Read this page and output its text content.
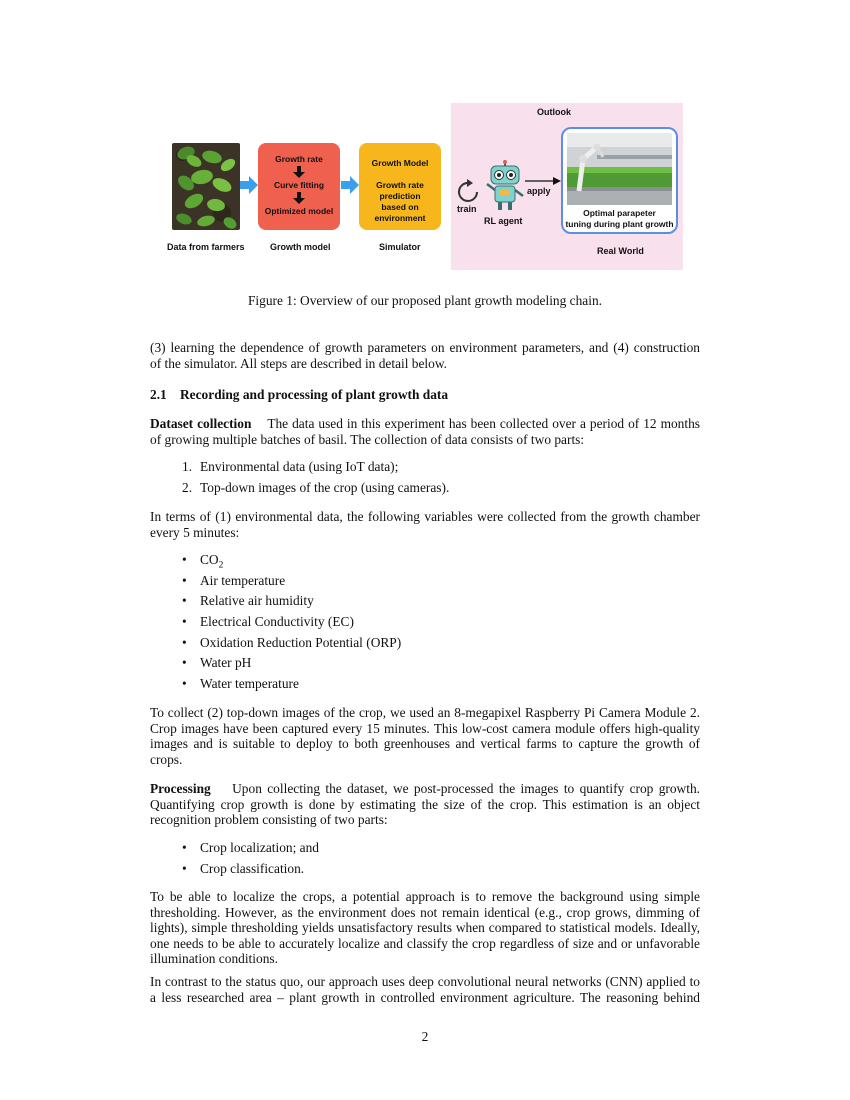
Outlook
Growth rate
Curve fitting
Optimized model
Growth Model
Growth rate
prediction
based on
environment
train
RL agent
apply
Optimal parapeter
tuning during plant growth
Data from farmers	Growth model	Simulator	Real World
Figure 1: Overview of our proposed plant growth modeling chain.
(3) learning the dependence of growth parameters on environment parameters, and (4) construction
of the simulator. All steps are described in detail below.
2.1 Recording and processing of plant growth data
Dataset collection The data used in this experiment has been collected over a period of 12 months
of growing multiple batches of basil. The collection of data consists of two parts:
1. Environmental data (using IoT data);
2. Top-down images of the crop (using cameras).
In terms of (1) environmental data, the following variables were collected from the growth chamber
every 5 minutes:
• $CO_2$
• Air temperature
• Relative air humidity
• Electrical Conductivity (EC)
• Oxidation Reduction Potential (ORP)
• Water pH
• Water temperature
To collect (2) top-down images of the crop, we used an 8-megapixel Raspberry Pi Camera Module 2.
Crop images have been captured every 15 minutes. This low-cost camera module offers high-quality
images and is suitable to deploy to both greenhouses and vertical farms to capture the growth of
crops.
Processing Upon collecting the dataset, we post-processed the images to quantify crop growth.
Quantifying crop growth is done by estimating the size of the crop. This estimation is an object
recognition problem consisting of two parts:
• Crop localization; and
• Crop classification.
To be able to localize the crops, a potential approach is to remove the background using simple
thresholding. However, as the environment does not remain identical (e.g., crop grows, dimming of
lights), simple thresholding yields unsatisfactory results when compared to statistical models. Ideally,
one needs to be able to accurately localize and classify the crop regardless of size and or unfavorable
illumination conditions.
In contrast to the status quo, our approach uses deep convolutional neural networks (CNN) applied to
a less researched area – plant growth in controlled environment agriculture. The reasoning behind
2
